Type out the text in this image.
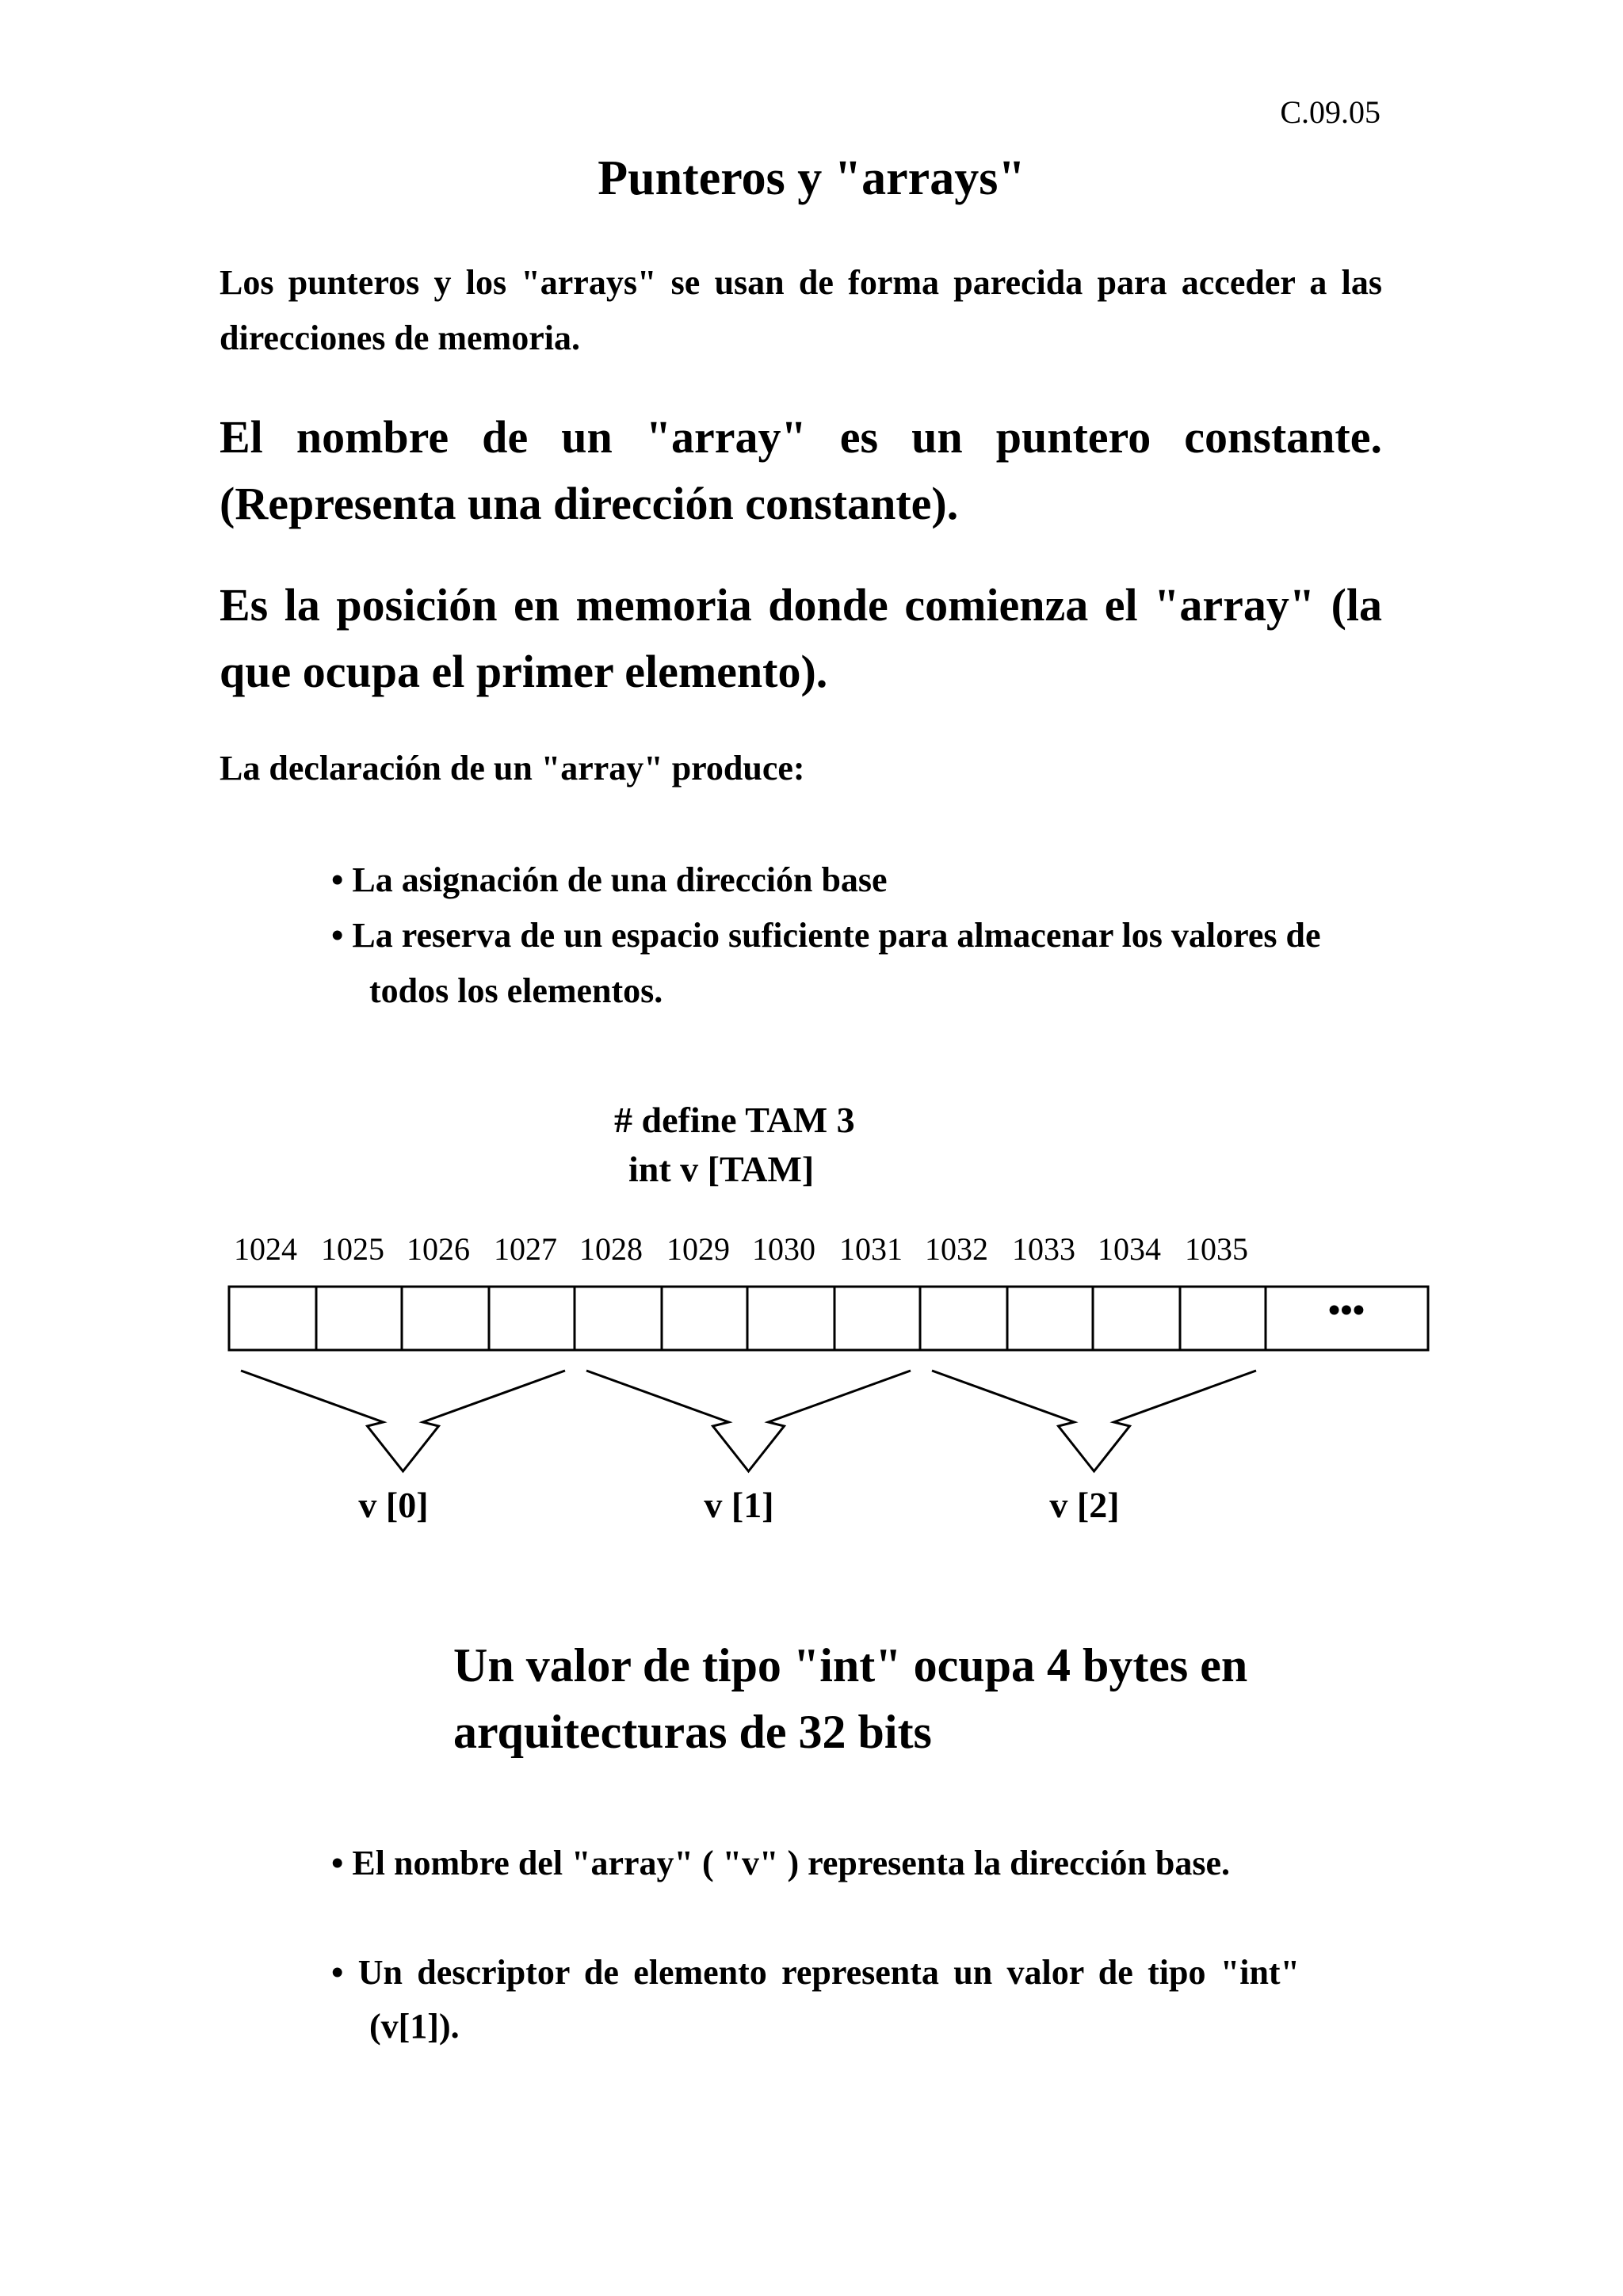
C.09.05
Punteros y "arrays"

Los punteros y los "arrays" se usan de forma parecida para acceder a las direcciones de memoria.

El nombre de un "array" es un puntero constante. (Representa una dirección constante).

Es la posición en memoria donde comienza el "array" (la que ocupa el primer elemento).

La declaración de un "array" produce:

• La asignación de una dirección base
• La reserva de un espacio suficiente para almacenar los valores de todos los elementos.
# define TAM 3
int v [TAM]
1024 1025 1026 1027 1028 1029 1030 1031 1032 1033 1034 1035
•••
v [0]	v [1]	v [2]

Un valor de tipo "int" ocupa 4 bytes en arquitecturas de 32 bits

• El nombre del "array" ( "v" ) representa la dirección base.
• Un descriptor de elemento representa un valor de tipo "int" (v[1]).
